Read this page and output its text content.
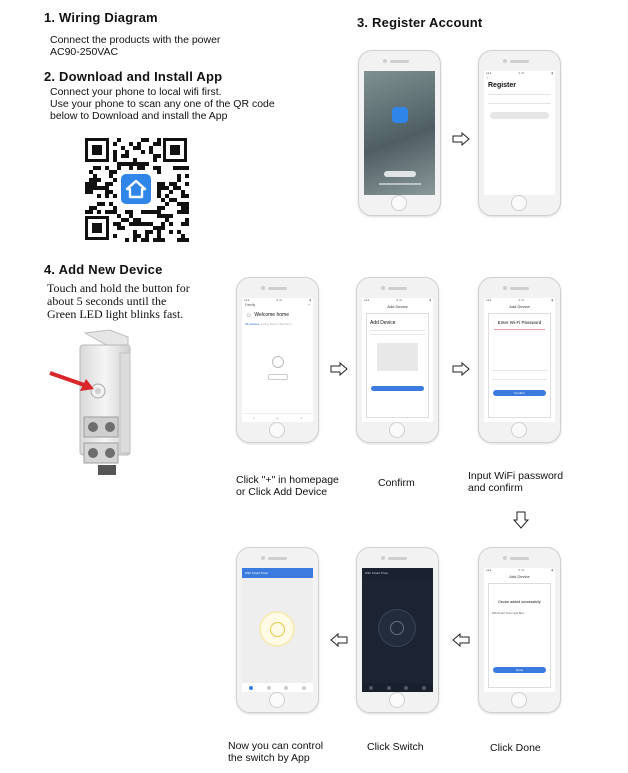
1. Wiring Diagram
Connect the products with the power
AC90-250VAC
2. Download and Install App
Connect your phone to local wifi first.
Use your phone to scan any one of the QR code
below to Download and install the App
4. Add New Device
Touch and hold the button for
about 5 seconds until the
Green LED light blinks fast.
3. Register Account
●●●	9:41	▮
‹
Register
●●●	9:41	▮
Family	+
☼ Welcome home
All devices  Living Room  Bedroom
⌂	◎	●
●●●	9:41	▮
Add Device
Add Device
●●●	9:41	▮
Add Device
Enter Wi-Fi Password
Confirm
Click "+" in homepage
or Click Add Device
Confirm
Input WiFi password
and confirm
WiFi Smart Timer	WiFi Smart Timer
●●●	9:41	▮
Add Device
Device added successfully
Wifi Smart Timer and Met...
Done
Now you can control
the switch by App
Click Switch	Click Done
